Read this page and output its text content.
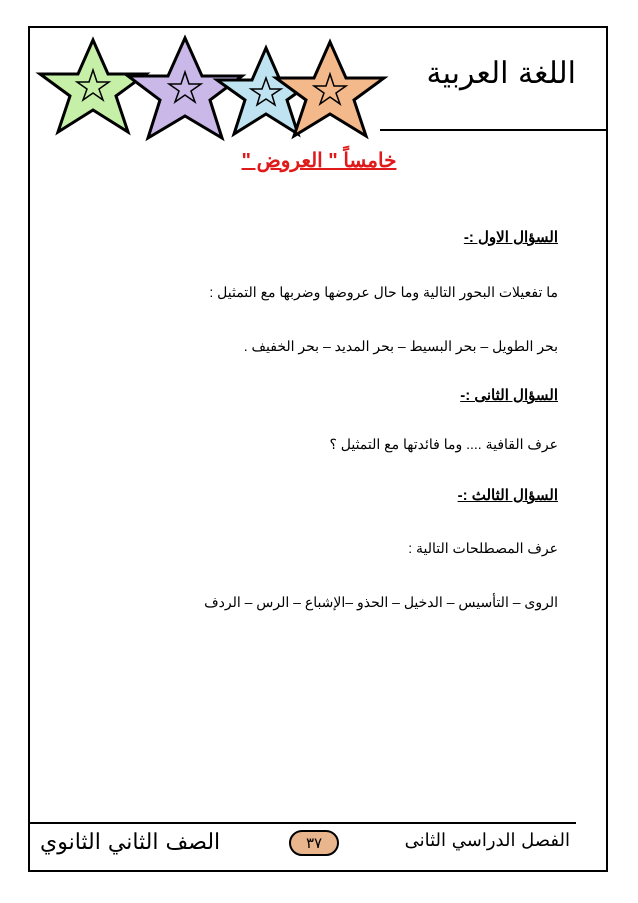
اللغة العربية
خامساً " العروض "
السؤال الاول :-
ما تفعيلات البحور التالية وما حال عروضها وضربها مع التمثيل :
بحر الطويل – بحر البسيط – بحر المديد – بحر الخفيف .
السؤال الثانى :-
عرف القافية .... وما فائدتها مع التمثيل ؟
السؤال الثالث :-
عرف المصطلحات التالية :
الروى – التأسيس – الدخيل – الحذو –الإشباع – الرس – الردف
الفصل الدراسي الثانى
٣٧
الصف الثاني الثانوي
